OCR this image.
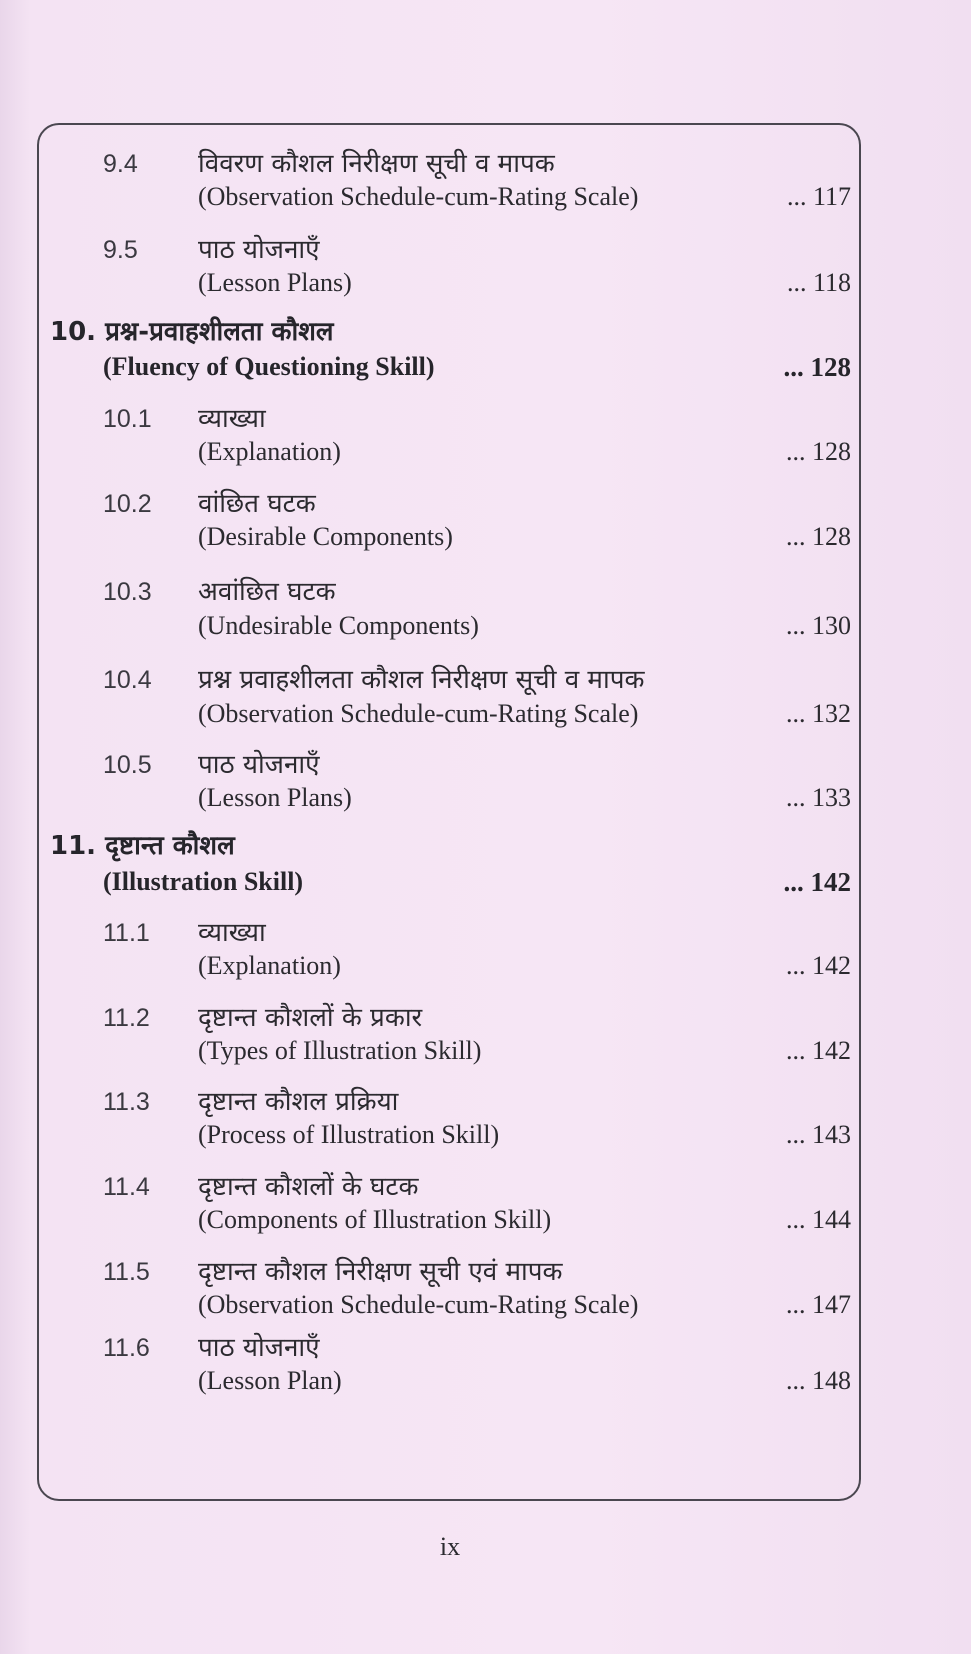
9.4 विवरण कौशल निरीक्षण सूची व मापक
(Observation Schedule-cum-Rating Scale)	... 117
9.5 पाठ योजनाएँ
(Lesson Plans)	... 118
10. प्रश्न-प्रवाहशीलता कौशल
(Fluency of Questioning Skill)	... 128
10.1 व्याख्या
(Explanation)	... 128
10.2 वांछित घटक
(Desirable Components)	... 128
10.3 अवांछित घटक
(Undesirable Components)	... 130
10.4 प्रश्न प्रवाहशीलता कौशल निरीक्षण सूची व मापक
(Observation Schedule-cum-Rating Scale)	... 132
10.5 पाठ योजनाएँ
(Lesson Plans)	... 133
11. दृष्टान्त कौशल
(Illustration Skill)	... 142
11.1 व्याख्या
(Explanation)	... 142
11.2 दृष्टान्त कौशलों के प्रकार
(Types of Illustration Skill)	... 142
11.3 दृष्टान्त कौशल प्रक्रिया
(Process of Illustration Skill)	... 143
11.4 दृष्टान्त कौशलों के घटक
(Components of Illustration Skill)	... 144
11.5 दृष्टान्त कौशल निरीक्षण सूची एवं मापक
(Observation Schedule-cum-Rating Scale)	... 147
11.6 पाठ योजनाएँ
(Lesson Plan)	... 148
ix
